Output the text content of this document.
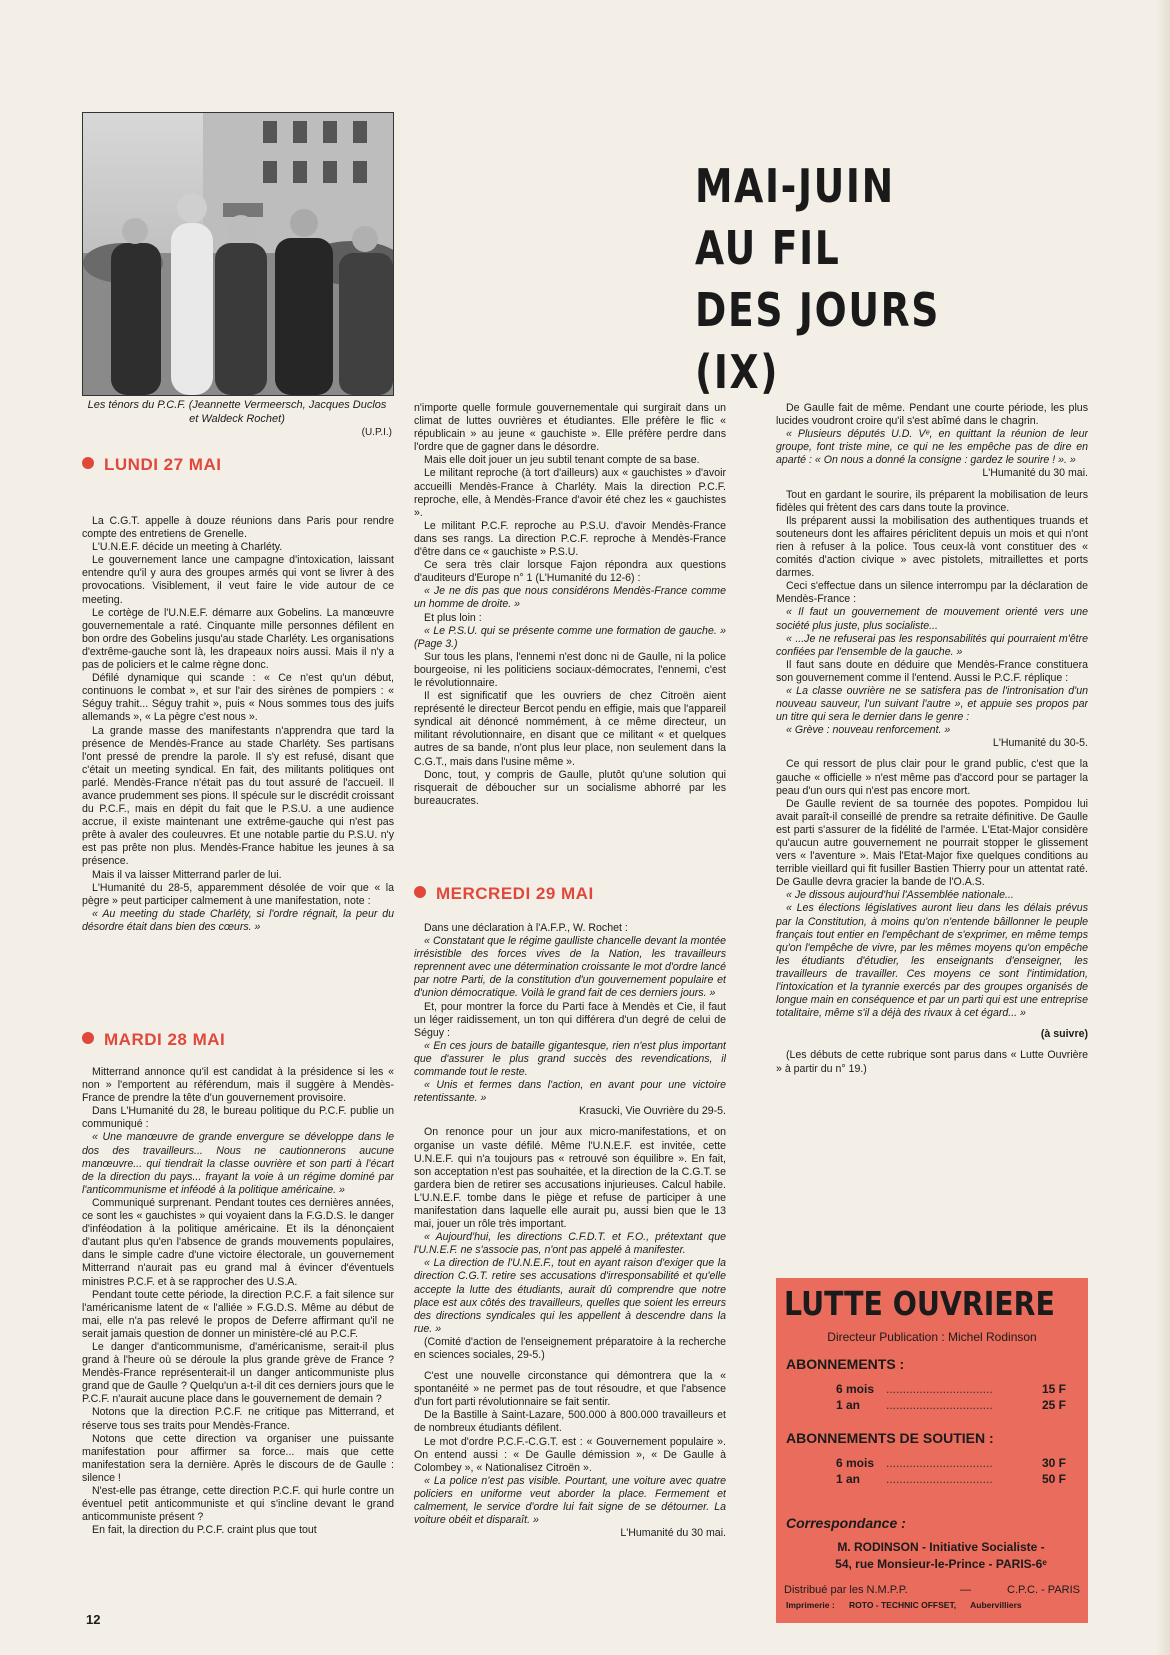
Les ténors du P.C.F. (Jeannette Vermeersch, Jacques Duclos et Waldeck Rochet)
(U.P.I.)
MAI-JUIN
AU FIL
DES JOURS (IX)
LUNDI 27 MAI

La C.G.T. appelle à douze réunions dans Paris pour rendre compte des entretiens de Grenelle.

L'U.N.E.F. décide un meeting à Charléty.

Le gouvernement lance une campagne d'intoxication, laissant entendre qu'il y aura des groupes armés qui vont se livrer à des provocations. Visiblement, il veut faire le vide autour de ce meeting.

Le cortège de l'U.N.E.F. démarre aux Gobelins. La manœuvre gouvernementale a raté. Cinquante mille personnes défilent en bon ordre des Gobelins jusqu'au stade Charléty. Les organisations d'extrême-gauche sont là, les drapeaux noirs aussi. Mais il n'y a pas de policiers et le calme règne donc.

Défilé dynamique qui scande : « Ce n'est qu'un début, continuons le combat », et sur l'air des sirènes de pompiers : « Séguy trahit... Séguy trahit », puis « Nous sommes tous des juifs allemands », « La pègre c'est nous ».

La grande masse des manifestants n'apprendra que tard la présence de Mendès-France au stade Charléty. Ses partisans l'ont pressé de prendre la parole. Il s'y est refusé, disant que c'était un meeting syndical. En fait, des militants politiques ont parlé. Mendès-France n'était pas du tout assuré de l'accueil. Il avance prudemment ses pions. Il spécule sur le discrédit croissant du P.C.F., mais en dépit du fait que le P.S.U. a une audience accrue, il existe maintenant une extrême-gauche qui n'est pas prête à avaler des couleuvres. Et une notable partie du P.S.U. n'y est pas prête non plus. Mendès-France habitue les jeunes à sa présence.

Mais il va laisser Mitterrand parler de lui.

L'Humanité du 28-5, apparemment désolée de voir que « la pègre » peut participer calmement à une manifestation, note :

« Au meeting du stade Charléty, si l'ordre régnait, la peur du désordre était dans bien des cœurs. »

MARDI 28 MAI

Mitterrand annonce qu'il est candidat à la présidence si les « non » l'emportent au référendum, mais il suggère à Mendès-France de prendre la tête d'un gouvernement provisoire.

Dans L'Humanité du 28, le bureau politique du P.C.F. publie un communiqué :

« Une manœuvre de grande envergure se développe dans le dos des travailleurs... Nous ne cautionnerons aucune manœuvre... qui tiendrait la classe ouvrière et son parti à l'écart de la direction du pays... frayant la voie à un régime dominé par l'anticommunisme et inféodé à la politique américaine. »

Communiqué surprenant. Pendant toutes ces dernières années, ce sont les « gauchistes » qui voyaient dans la F.G.D.S. le danger d'inféodation à la politique américaine. Et ils la dénonçaient d'autant plus qu'en l'absence de grands mouvements populaires, dans le simple cadre d'une victoire électorale, un gouvernement Mitterrand n'aurait pas eu grand mal à évincer d'éventuels ministres P.C.F. et à se rapprocher des U.S.A.

Pendant toute cette période, la direction P.C.F. a fait silence sur l'américanisme latent de « l'alliée » F.G.D.S. Même au début de mai, elle n'a pas relevé le propos de Deferre affirmant qu'il ne serait jamais question de donner un ministère-clé au P.C.F.

Le danger d'anticommunisme, d'américanisme, serait-il plus grand à l'heure où se déroule la plus grande grève de France ? Mendès-France représenterait-il un danger anticommuniste plus grand que de Gaulle ? Quelqu'un a-t-il dit ces derniers jours que le P.C.F. n'aurait aucune place dans le gouvernement de demain ?

Notons que la direction P.C.F. ne critique pas Mitterrand, et réserve tous ses traits pour Mendès-France.

Notons que cette direction va organiser une puissante manifestation pour affirmer sa force... mais que cette manifestation sera la dernière. Après le discours de de Gaulle : silence !

N'est-elle pas étrange, cette direction P.C.F. qui hurle contre un éventuel petit anticommuniste et qui s'incline devant le grand anticommuniste présent ?

En fait, la direction du P.C.F. craint plus que tout

n'importe quelle formule gouvernementale qui surgirait dans un climat de luttes ouvrières et étudiantes. Elle préfère le flic « républicain » au jeune « gauchiste ». Elle préfère perdre dans l'ordre que de gagner dans le désordre.

Mais elle doit jouer un jeu subtil tenant compte de sa base.

Le militant reproche (à tort d'ailleurs) aux « gauchistes » d'avoir accueilli Mendès-France à Charléty. Mais la direction P.C.F. reproche, elle, à Mendès-France d'avoir été chez les « gauchistes ».

Le militant P.C.F. reproche au P.S.U. d'avoir Mendès-France dans ses rangs. La direction P.C.F. reproche à Mendès-France d'être dans ce « gauchiste » P.S.U.

Ce sera très clair lorsque Fajon répondra aux questions d'auditeurs d'Europe n° 1 (L'Humanité du 12-6) :

« Je ne dis pas que nous considérons Mendès-France comme un homme de droite. »

Et plus loin :

« Le P.S.U. qui se présente comme une formation de gauche. » (Page 3.)

Sur tous les plans, l'ennemi n'est donc ni de Gaulle, ni la police bourgeoise, ni les politiciens sociaux-démocrates, l'ennemi, c'est le révolutionnaire.

Il est significatif que les ouvriers de chez Citroën aient représenté le directeur Bercot pendu en effigie, mais que l'appareil syndical ait dénoncé nommément, à ce même directeur, un militant révolutionnaire, en disant que ce militant « et quelques autres de sa bande, n'ont plus leur place, non seulement dans la C.G.T., mais dans l'usine même ».

Donc, tout, y compris de Gaulle, plutôt qu'une solution qui risquerait de déboucher sur un socialisme abhorré par les bureaucrates.

MERCREDI 29 MAI

Dans une déclaration à l'A.F.P., W. Rochet :

« Constatant que le régime gaulliste chancelle devant la montée irrésistible des forces vives de la Nation, les travailleurs reprennent avec une détermination croissante le mot d'ordre lancé par notre Parti, de la constitution d'un gouvernement populaire et d'union démocratique. Voilà le grand fait de ces derniers jours. »

Et, pour montrer la force du Parti face à Mendès et Cie, il faut un léger raidissement, un ton qui différera d'un degré de celui de Séguy :

« En ces jours de bataille gigantesque, rien n'est plus important que d'assurer le plus grand succès des revendications, il commande tout le reste.

« Unis et fermes dans l'action, en avant pour une victoire retentissante. »

Krasucki, Vie Ouvrière du 29-5.

On renonce pour un jour aux micro-manifestations, et on organise un vaste défilé. Même l'U.N.E.F. est invitée, cette U.N.E.F. qui n'a toujours pas « retrouvé son équilibre ». En fait, son acceptation n'est pas souhaitée, et la direction de la C.G.T. se gardera bien de retirer ses accusations injurieuses. Calcul habile. L'U.N.E.F. tombe dans le piège et refuse de participer à une manifestation dans laquelle elle aurait pu, aussi bien que le 13 mai, jouer un rôle très important.

« Aujourd'hui, les directions C.F.D.T. et F.O., prétextant que l'U.N.E.F. ne s'associe pas, n'ont pas appelé à manifester.

« La direction de l'U.N.E.F., tout en ayant raison d'exiger que la direction C.G.T. retire ses accusations d'irresponsabilité et qu'elle accepte la lutte des étudiants, aurait dû comprendre que notre place est aux côtés des travailleurs, quelles que soient les erreurs des directions syndicales qui les appellent à descendre dans la rue. »

(Comité d'action de l'enseignement préparatoire à la recherche en sciences sociales, 29-5.)

C'est une nouvelle circonstance qui démontrera que la « spontanéité » ne permet pas de tout résoudre, et que l'absence d'un fort parti révolutionnaire se fait sentir.

De la Bastille à Saint-Lazare, 500.000 à 800.000 travailleurs et de nombreux étudiants défilent.

Le mot d'ordre P.C.F.-C.G.T. est : « Gouvernement populaire ». On entend aussi : « De Gaulle démission », « De Gaulle à Colombey », « Nationalisez Citroën ».

« La police n'est pas visible. Pourtant, une voiture avec quatre policiers en uniforme veut aborder la place. Fermement et calmement, le service d'ordre lui fait signe de se détourner. La voiture obéit et disparaît. »

L'Humanité du 30 mai.

De Gaulle fait de même. Pendant une courte période, les plus lucides voudront croire qu'il s'est abîmé dans le chagrin.

« Plusieurs députés U.D. Vᵉ, en quittant la réunion de leur groupe, font triste mine, ce qui ne les empêche pas de dire en aparté : « On nous a donné la consigne : gardez le sourire ! ». »

L'Humanité du 30 mai.

Tout en gardant le sourire, ils préparent la mobilisation de leurs fidèles qui frètent des cars dans toute la province.

Ils préparent aussi la mobilisation des authentiques truands et souteneurs dont les affaires périclitent depuis un mois et qui n'ont rien à refuser à la police. Tous ceux-là vont constituer des « comités d'action civique » avec pistolets, mitraillettes et ports darmes.

Ceci s'effectue dans un silence interrompu par la déclaration de Mendès-France :

« Il faut un gouvernement de mouvement orienté vers une société plus juste, plus socialiste...

« ...Je ne refuserai pas les responsabilités qui pourraient m'être confiées par l'ensemble de la gauche. »

Il faut sans doute en déduire que Mendès-France constituera son gouvernement comme il l'entend. Aussi le P.C.F. réplique :

« La classe ouvrière ne se satisfera pas de l'intronisation d'un nouveau sauveur, l'un suivant l'autre », et appuie ses propos par un titre qui sera le dernier dans le genre :

« Grève : nouveau renforcement. »

L'Humanité du 30-5.

Ce qui ressort de plus clair pour le grand public, c'est que la gauche « officielle » n'est même pas d'accord pour se partager la peau d'un ours qui n'est pas encore mort.

De Gaulle revient de sa tournée des popotes. Pompidou lui avait paraît-il conseillé de prendre sa retraite définitive. De Gaulle est parti s'assurer de la fidélité de l'armée. L'Etat-Major considère qu'aucun autre gouvernement ne pourrait stopper le glissement vers « l'aventure ». Mais l'Etat-Major fixe quelques conditions au terrible vieillard qui fit fusiller Bastien Thierry pour un attentat raté. De Gaulle devra gracier la bande de l'O.A.S.

« Je dissous aujourd'hui l'Assemblée nationale...

« Les élections législatives auront lieu dans les délais prévus par la Constitution, à moins qu'on n'entende bâillonner le peuple français tout entier en l'empêchant de s'exprimer, en même temps qu'on l'empêche de vivre, par les mêmes moyens qu'on empêche les étudiants d'étudier, les enseignants d'enseigner, les travailleurs de travailler. Ces moyens ce sont l'intimidation, l'intoxication et la tyrannie exercés par des groupes organisés de longue main en conséquence et par un parti qui est une entreprise totalitaire, même s'il a déjà des rivaux à cet égard... »

(à suivre)

(Les débuts de cette rubrique sont parus dans « Lutte Ouvrière » à partir du n° 19.)

LUTTE OUVRIERE
Directeur Publication : Michel Rodinson
ABONNEMENTS :
6 mois ................................	15 F
1 an ................................	25 F
ABONNEMENTS DE SOUTIEN :
6 mois ................................	30 F
1 an ................................	50 F
Correspondance :
M. RODINSON - Initiative Socialiste -
54, rue Monsieur-le-Prince - PARIS-6ᵉ
Distribué par les N.M.P.P.	—	C.P.C. - PARIS
Imprimerie : ROTO - TECHNIC OFFSET, Aubervilliers
12
